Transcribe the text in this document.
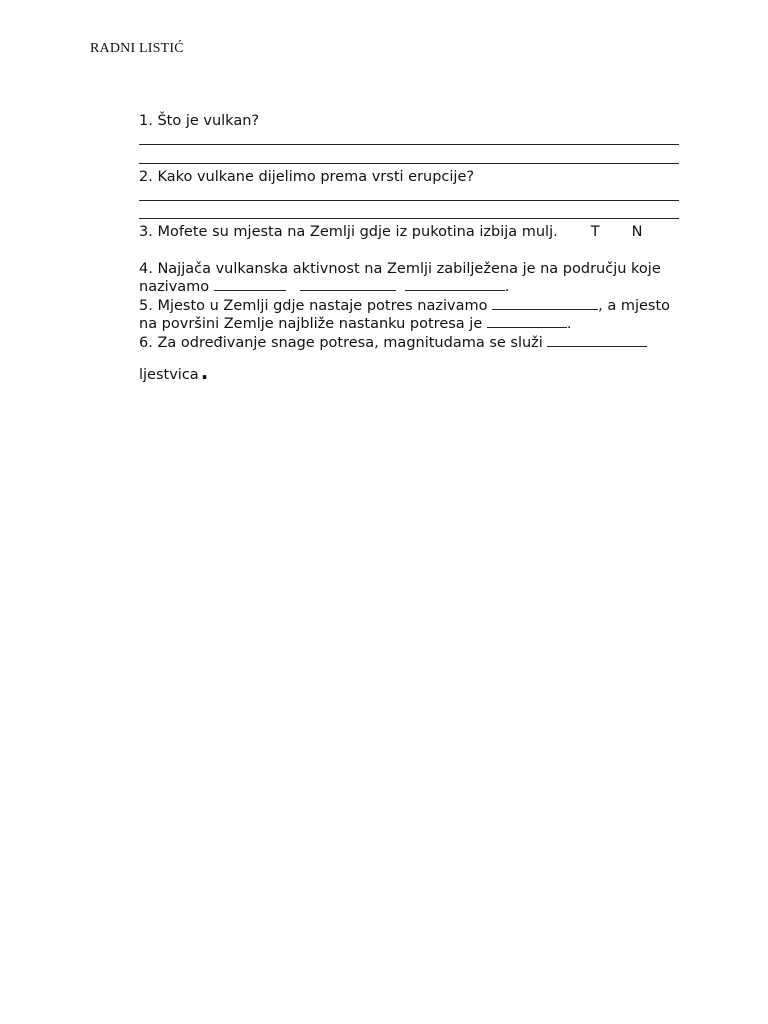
RADNI LISTIĆ
1. Što je vulkan?
2. Kako vulkane dijelimo prema vrsti erupcije?
3. Mofete su mjesta na Zemlji gdje iz pukotina izbija mulj. T N
4. Najjača vulkanska aktivnost na Zemlji zabilježena je na području koje
nazivamo	.
5. Mjesto u Zemlji gdje nastaje potres nazivamo	, a mjesto
na površini Zemlje najbliže nastanku potresa je	.
6. Za određivanje snage potresa, magnitudama se služi

ljestvica .
